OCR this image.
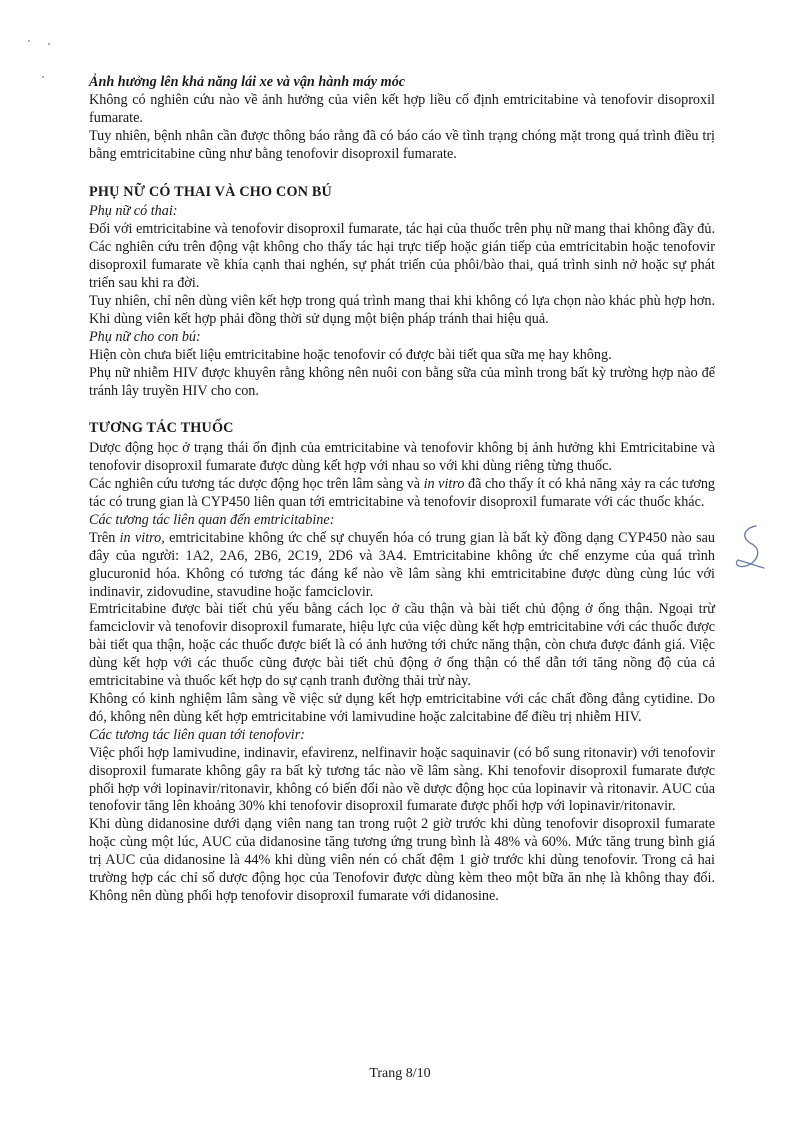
Ảnh hưởng lên khả năng lái xe và vận hành máy móc

Không có nghiên cứu nào về ảnh hưởng của viên kết hợp liều cố định emtricitabine và tenofovir disoproxil fumarate.

Tuy nhiên, bệnh nhân cần được thông báo rằng đã có báo cáo về tình trạng chóng mặt trong quá trình điều trị bằng emtricitabine cũng như bằng tenofovir disoproxil fumarate.

PHỤ NỮ CÓ THAI VÀ CHO CON BÚ

Phụ nữ có thai:

Đối với emtricitabine và tenofovir disoproxil fumarate, tác hại của thuốc trên phụ nữ mang thai không đầy đủ. Các nghiên cứu trên động vật không cho thấy tác hại trực tiếp hoặc gián tiếp của emtricitabin hoặc tenofovir disoproxil fumarate về khía cạnh thai nghén, sự phát triển của phôi/bào thai, quá trình sinh nở hoặc sự phát triển sau khi ra đời.

Tuy nhiên, chỉ nên dùng viên kết hợp trong quá trình mang thai khi không có lựa chọn nào khác phù hợp hơn. Khi dùng viên kết hợp phải đồng thời sử dụng một biện pháp tránh thai hiệu quả.

Phụ nữ cho con bú:

Hiện còn chưa biết liệu emtricitabine hoặc tenofovir có được bài tiết qua sữa mẹ hay không.

Phụ nữ nhiễm HIV được khuyên rằng không nên nuôi con bằng sữa của mình trong bất kỳ trường hợp nào để tránh lây truyền HIV cho con.

TƯƠNG TÁC THUỐC

Dược động học ở trạng thái ổn định của emtricitabine và tenofovir không bị ảnh hưởng khi Emtricitabine và tenofovir disoproxil fumarate được dùng kết hợp với nhau so với khi dùng riêng từng thuốc.

Các nghiên cứu tương tác dược động học trên lâm sàng và in vitro đã cho thấy ít có khả năng xảy ra các tương tác có trung gian là CYP450 liên quan tới emtricitabine và tenofovir disoproxil fumarate với các thuốc khác.

Các tương tác liên quan đến emtricitabine:

Trên in vitro, emtricitabine không ức chế sự chuyển hóa có trung gian là bất kỳ đồng dạng CYP450 nào sau đây của người: 1A2, 2A6, 2B6, 2C19, 2D6 và 3A4. Emtricitabine không ức chế enzyme của quá trình glucuronid hóa. Không có tương tác đáng kể nào về lâm sàng khi emtricitabine được dùng cùng lúc với indinavir, zidovudine, stavudine hoặc famciclovir.

Emtricitabine được bài tiết chủ yếu bằng cách lọc ở cầu thận và bài tiết chủ động ở ống thận. Ngoại trừ famciclovir và tenofovir disoproxil fumarate, hiệu lực của việc dùng kết hợp emtricitabine với các thuốc được bài tiết qua thận, hoặc các thuốc được biết là có ảnh hưởng tới chức năng thận, còn chưa được đánh giá. Việc dùng kết hợp với các thuốc cũng được bài tiết chủ động ở ống thận có thể dẫn tới tăng nồng độ của cả emtricitabine và thuốc kết hợp do sự cạnh tranh đường thải trừ này.

Không có kinh nghiệm lâm sàng về việc sử dụng kết hợp emtricitabine với các chất đồng đẳng cytidine. Do đó, không nên dùng kết hợp emtricitabine với lamivudine hoặc zalcitabine để điều trị nhiễm HIV.

Các tương tác liên quan tới tenofovir:

Việc phối hợp lamivudine, indinavir, efavirenz, nelfinavir hoặc saquinavir (có bổ sung ritonavir) với tenofovir disoproxil fumarate không gây ra bất kỳ tương tác nào về lâm sàng. Khi tenofovir disoproxil fumarate được phối hợp với lopinavir/ritonavir, không có biến đổi nào về dược động học của lopinavir và ritonavir. AUC của tenofovir tăng lên khoảng 30% khi tenofovir disoproxil fumarate được phối hợp với lopinavir/ritonavir.

Khi dùng didanosine dưới dạng viên nang tan trong ruột 2 giờ trước khi dùng tenofovir disoproxil fumarate hoặc cùng một lúc, AUC của didanosine tăng tương ứng trung bình là 48% và 60%. Mức tăng trung bình giá trị AUC của didanosine là 44% khi dùng viên nén có chất đệm 1 giờ trước khi dùng tenofovir. Trong cả hai trường hợp các chỉ số dược động học của Tenofovir được dùng kèm theo một bữa ăn nhẹ là không thay đổi. Không nên dùng phối hợp tenofovir disoproxil fumarate với didanosine.

Trang 8/10
